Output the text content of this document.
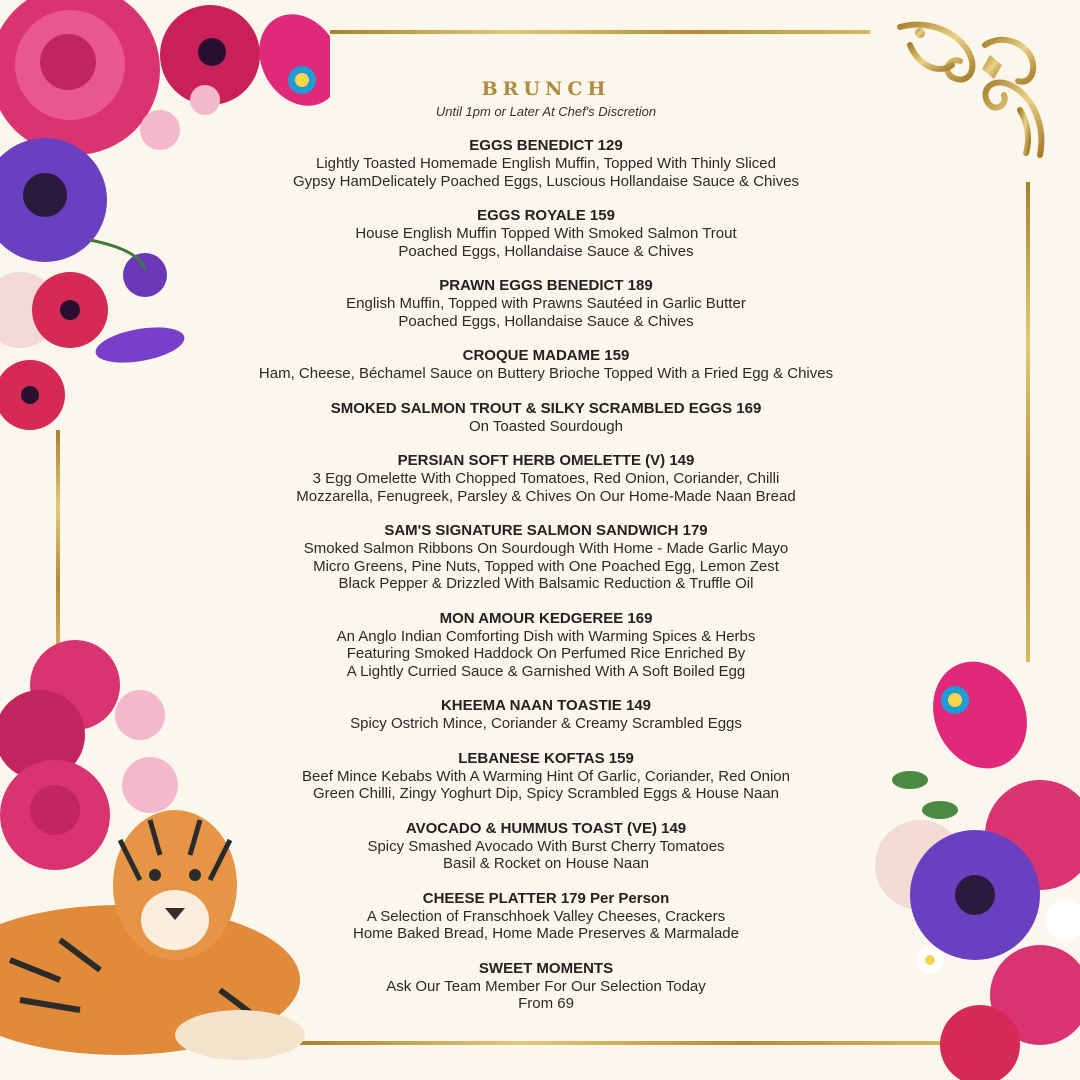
BRUNCH
Until 1pm or Later At Chef's Discretion
EGGS BENEDICT 129
Lightly Toasted Homemade English Muffin, Topped With Thinly Sliced
Gypsy HamDelicately Poached Eggs, Luscious Hollandaise Sauce & Chives
EGGS ROYALE 159
House English Muffin Topped With Smoked Salmon Trout
Poached Eggs, Hollandaise Sauce & Chives
PRAWN EGGS BENEDICT 189
English Muffin, Topped with Prawns Sautéed in Garlic Butter
Poached Eggs, Hollandaise Sauce & Chives
CROQUE MADAME 159
Ham, Cheese, Béchamel Sauce on Buttery Brioche Topped With a Fried Egg & Chives
SMOKED SALMON TROUT & SILKY SCRAMBLED EGGS 169
On Toasted Sourdough
PERSIAN SOFT HERB OMELETTE (V) 149
3 Egg Omelette With Chopped Tomatoes, Red Onion, Coriander, Chilli
Mozzarella, Fenugreek, Parsley & Chives On Our Home-Made Naan Bread
SAM'S SIGNATURE SALMON SANDWICH 179
Smoked Salmon Ribbons On Sourdough With Home - Made Garlic Mayo
Micro Greens, Pine Nuts, Topped with One Poached Egg, Lemon Zest
Black Pepper & Drizzled With Balsamic Reduction & Truffle Oil
MON AMOUR KEDGEREE 169
An Anglo Indian Comforting Dish with Warming Spices & Herbs
Featuring Smoked Haddock On Perfumed Rice Enriched By
A Lightly Curried Sauce & Garnished With A Soft Boiled Egg
KHEEMA NAAN TOASTIE 149
Spicy Ostrich Mince, Coriander & Creamy Scrambled Eggs
LEBANESE KOFTAS 159
Beef Mince Kebabs With A Warming Hint Of Garlic, Coriander, Red Onion
Green Chilli, Zingy Yoghurt Dip, Spicy Scrambled Eggs & House Naan
AVOCADO & HUMMUS TOAST (VE) 149
Spicy Smashed Avocado With Burst Cherry Tomatoes
Basil & Rocket on House Naan
CHEESE PLATTER 179 Per Person
A Selection of Franschhoek Valley Cheeses, Crackers
Home Baked Bread, Home Made Preserves & Marmalade
SWEET MOMENTS
Ask Our Team Member For Our Selection Today
From 69
